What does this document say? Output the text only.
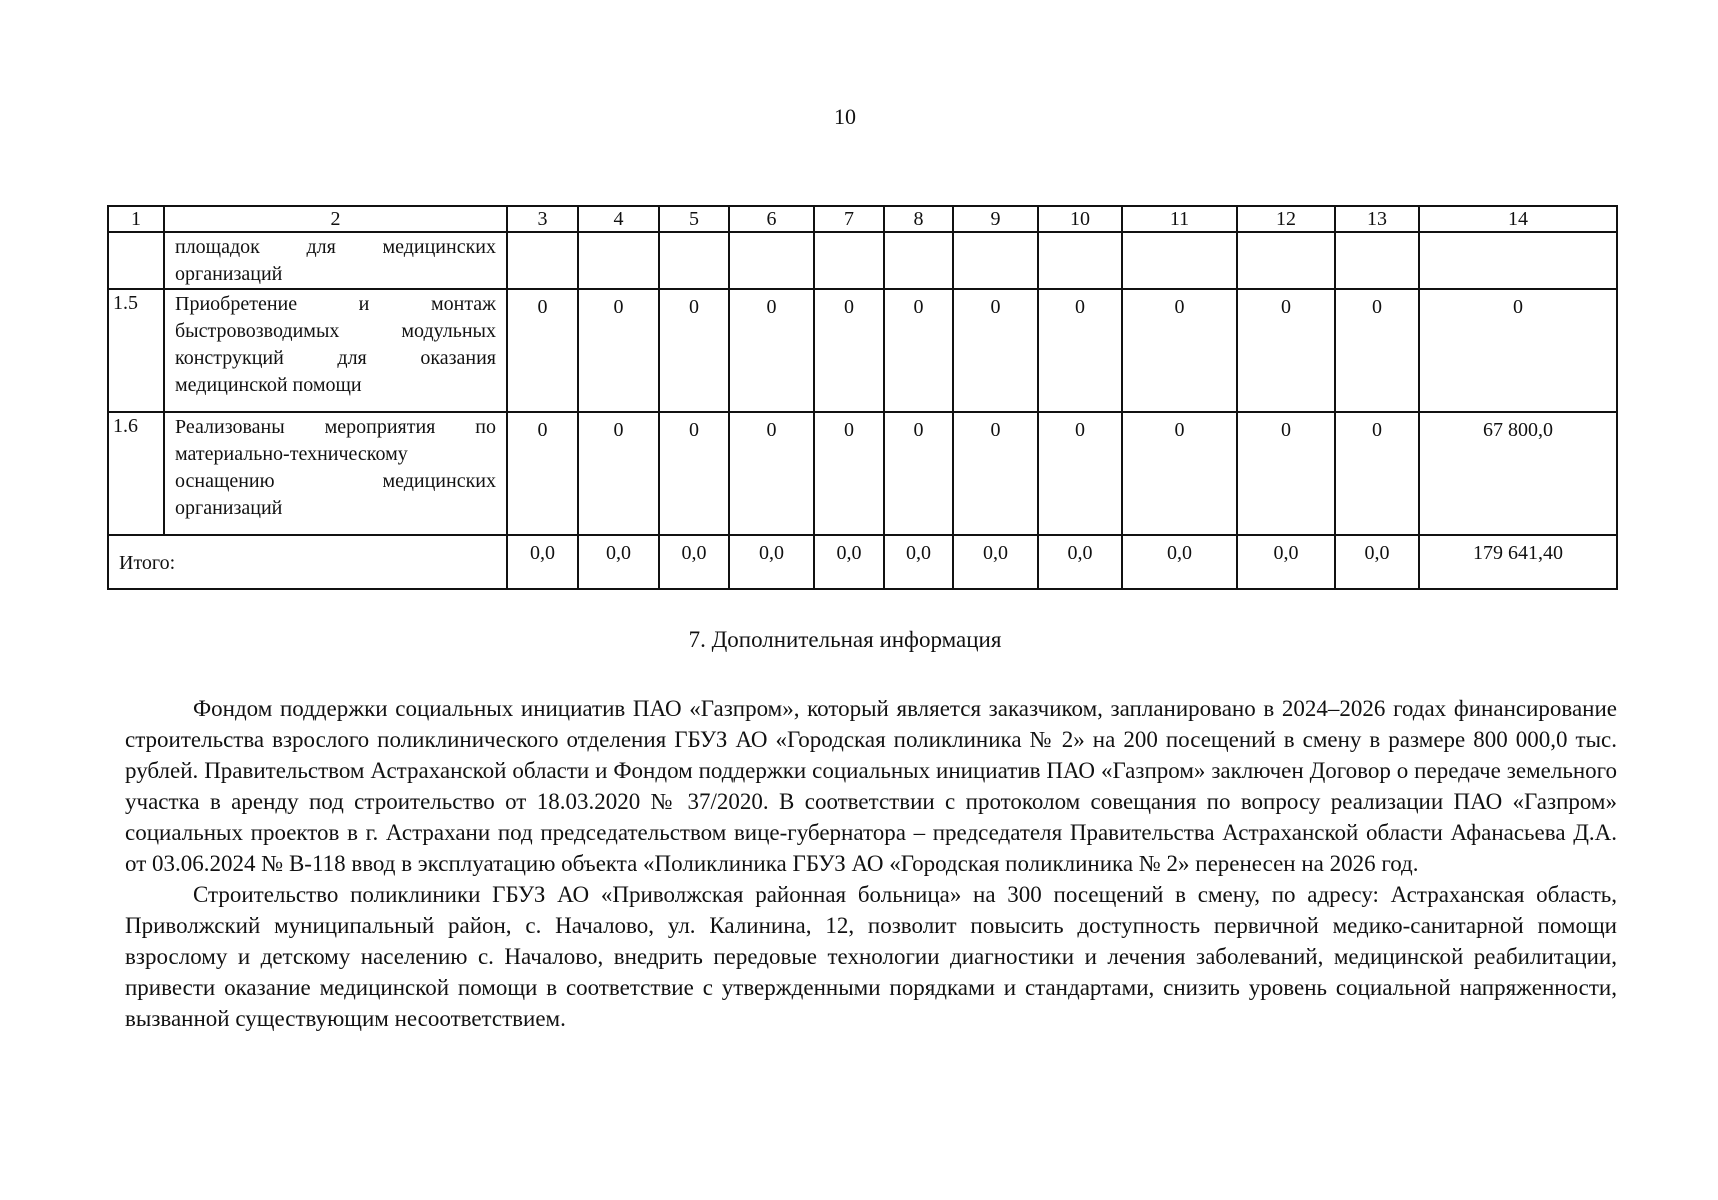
10
1	2	3	4	5	6	7	8	9	10	11	12	13	14
	площадок для медицинских организаций												
1.5	Приобретение и монтаж быстровозводимых модульных конструкций для оказания медицинской помощи	0	0	0	0	0	0	0	0	0	0	0	0
1.6	Реализованы мероприятия по материально-техническому оснащению медицинских организаций	0	0	0	0	0	0	0	0	0	0	0	67 800,0
Итого:		0,0	0,0	0,0	0,0	0,0	0,0	0,0	0,0	0,0	0,0	0,0	179 641,40
7. Дополнительная информация

Фондом поддержки социальных инициатив ПАО «Газпром», который является заказчиком, запланировано в 2024–2026 годах финансирование строительства взрослого поликлинического отделения ГБУЗ АО «Городская поликлиника № 2» на 200 посещений в смену в размере 800 000,0 тыс. рублей. Правительством Астраханской области и Фондом поддержки социальных инициатив ПАО «Газпром» заключен Договор о передаче земельного участка в аренду под строительство от 18.03.2020 № 37/2020. В соответствии с протоколом совещания по вопросу реализации ПАО «Газпром» социальных проектов в г. Астрахани под председательством вице-губернатора – председателя Правительства Астраханской области Афанасьева Д.А. от 03.06.2024 № В-118 ввод в эксплуатацию объекта «Поликлиника ГБУЗ АО «Городская поликлиника № 2» перенесен на 2026 год.

Строительство поликлиники ГБУЗ АО «Приволжская районная больница» на 300 посещений в смену, по адресу: Астраханская область, Приволжский муниципальный район, с. Началово, ул. Калинина, 12, позволит повысить доступность первичной медико-санитарной помощи взрослому и детскому населению с. Началово, внедрить передовые технологии диагностики и лечения заболеваний, медицинской реабилитации, привести оказание медицинской помощи в соответствие с утвержденными порядками и стандартами, снизить уровень социальной напряженности, вызванной существующим несоответствием.
